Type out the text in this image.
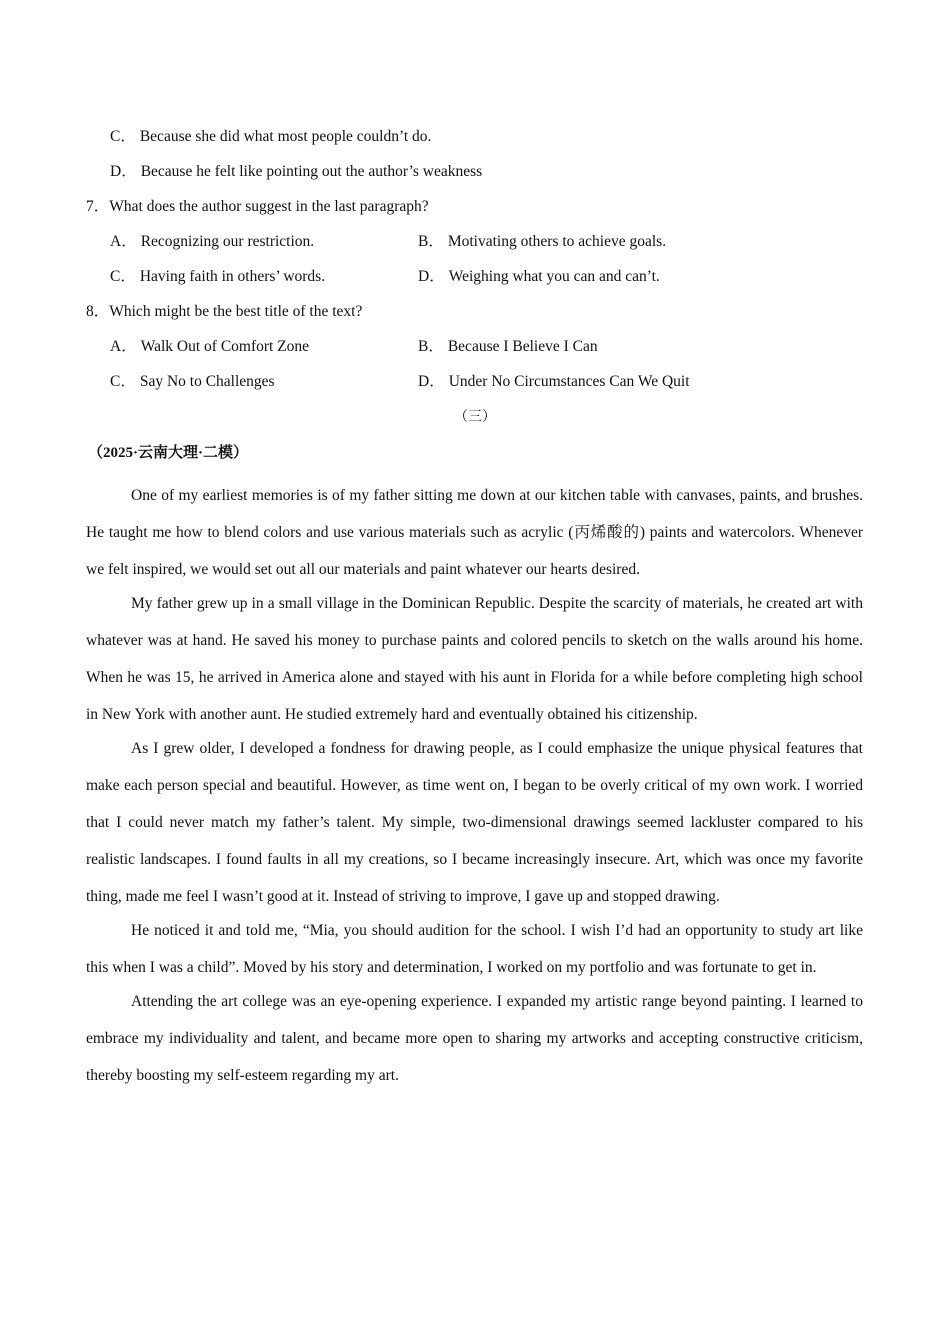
C． Because she did what most people couldn’t do.
D． Because he felt like pointing out the author’s weakness
7．What does the author suggest in the last paragraph?
A． Recognizing our restriction.	B． Motivating others to achieve goals.
C． Having faith in others’ words.	D． Weighing what you can and can’t.
8．Which might be the best title of the text?
A． Walk Out of Comfort Zone	B． Because I Believe I Can
C． Say No to Challenges	D． Under No Circumstances Can We Quit
（三）
（2025·云南大理·二模）

One of my earliest memories is of my father sitting me down at our kitchen table with canvases, paints, and brushes. He taught me how to blend colors and use various materials such as acrylic (丙烯酸的) paints and watercolors. Whenever we felt inspired, we would set out all our materials and paint whatever our hearts desired.

My father grew up in a small village in the Dominican Republic. Despite the scarcity of materials, he created art with whatever was at hand. He saved his money to purchase paints and colored pencils to sketch on the walls around his home. When he was 15, he arrived in America alone and stayed with his aunt in Florida for a while before completing high school in New York with another aunt. He studied extremely hard and eventually obtained his citizenship.

As I grew older, I developed a fondness for drawing people, as I could emphasize the unique physical features that make each person special and beautiful. However, as time went on, I began to be overly critical of my own work. I worried that I could never match my father’s talent. My simple, two-dimensional drawings seemed lackluster compared to his realistic landscapes. I found faults in all my creations, so I became increasingly insecure. Art, which was once my favorite thing, made me feel I wasn’t good at it. Instead of striving to improve, I gave up and stopped drawing.

He noticed it and told me, “Mia, you should audition for the school. I wish I’d had an opportunity to study art like this when I was a child”. Moved by his story and determination, I worked on my portfolio and was fortunate to get in.

Attending the art college was an eye-opening experience. I expanded my artistic range beyond painting. I learned to embrace my individuality and talent, and became more open to sharing my artworks and accepting constructive criticism, thereby boosting my self-esteem regarding my art.
